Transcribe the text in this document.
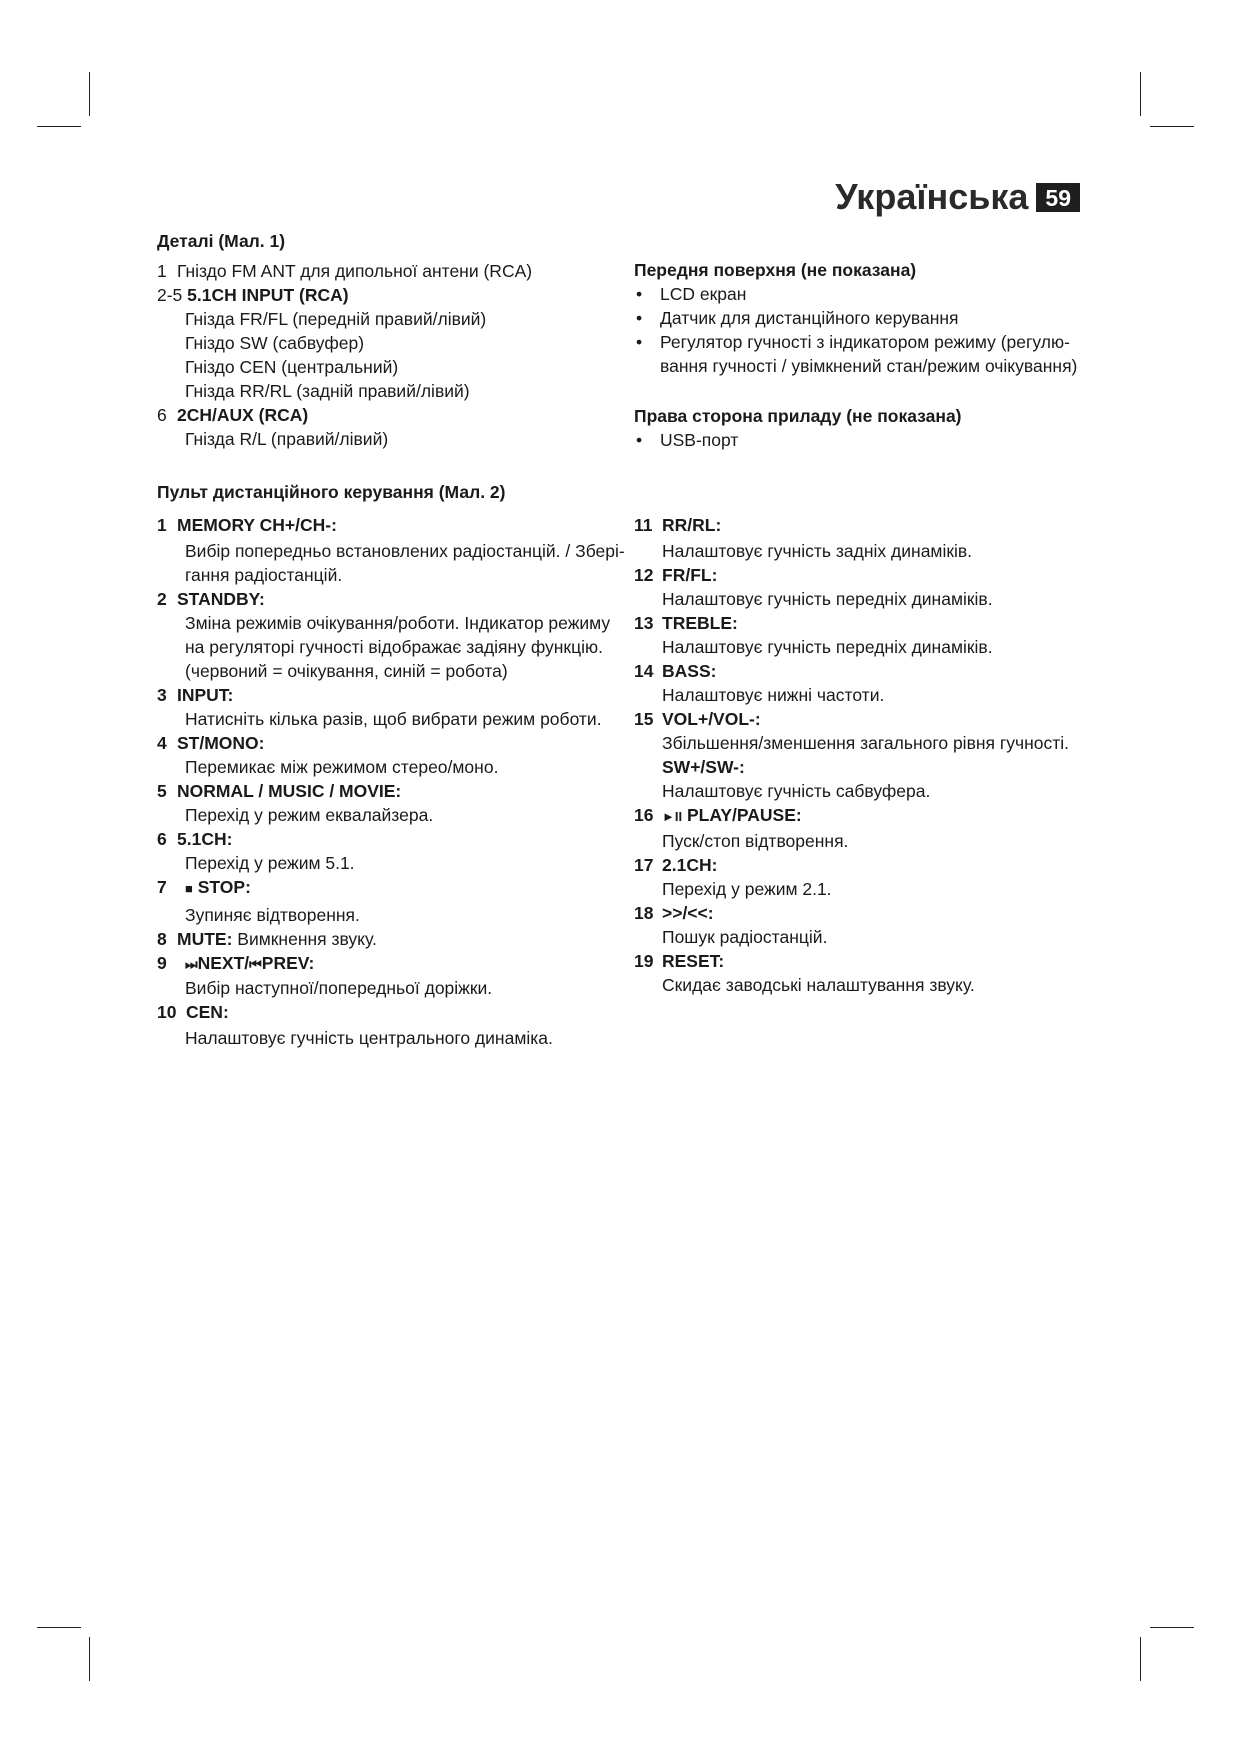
Українська 59
Деталі (Мал. 1)
1 Гніздо FM ANT для дипольної антени (RCA)
2-5 5.1CH INPUT (RCA)
Гнізда FR/FL (передній правий/лівий)
Гніздо SW (сабвуфер)
Гніздо CEN (центральний)
Гнізда RR/RL (задній правий/лівий)
6 2CH/AUX (RCA)
Гнізда R/L (правий/лівий)
Передня поверхня (не показана)
• LCD екран
• Датчик для дистанційного керування
• Регулятор гучності з індикатором режиму (регулю-
вання гучності / увімкнений стан/режим очікування)
Права сторона приладу (не показана)
• USB-порт
Пульт дистанційного керування (Мал. 2)
1 MEMORY CH+/CH-:
Вибір попередньо встановлених радіостанцій. / Збері-
гання радіостанцій.
2 STANDBY:
Зміна режимів очікування/роботи. Індикатор режиму
на регуляторі гучності відображає задіяну функцію.
(червоний = очікування, синій = робота)
3 INPUT:
Натисніть кілька разів, щоб вибрати режим роботи.
4 ST/MONO:
Перемикає між режимом стерео/моно.
5 NORMAL / MUSIC / MOVIE:
Перехід у режим еквалайзера.
6 5.1CH:
Перехід у режим 5.1.
7 ■ STOP:
Зупиняє відтворення.
8 MUTE: Вимкнення звуку.
9 ⏭NEXT/⏮PREV:
Вибір наступної/попередньої доріжки.
10 CEN:
Налаштовує гучність центрального динаміка.
11 RR/RL:
Налаштовує гучність задніх динаміків.
12 FR/FL:
Налаштовує гучність передніх динаміків.
13 TREBLE:
Налаштовує гучність передніх динаміків.
14 BASS:
Налаштовує нижні частоти.
15 VOL+/VOL-:
Збільшення/зменшення загального рівня гучності.
SW+/SW-:
Налаштовує гучність сабвуфера.
16 ►II PLAY/PAUSE:
Пуск/стоп відтворення.
17 2.1CH:
Перехід у режим 2.1.
18 >>/<<:
Пошук радіостанцій.
19 RESET:
Скидає заводські налаштування звуку.
